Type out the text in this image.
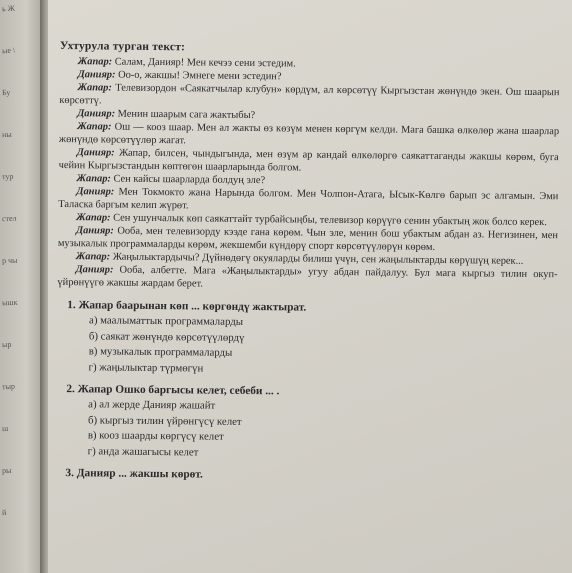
ь Ж
ые \
Бу
ны
тур
стел
р чы
ышк
ыр
тыр
ш
ры
й
Ухтурула турган текст:

Жапар: Салам, Данияр! Мен кечээ сени эстедим.

Данияр: Оо-о, жакшы! Эмнеге мени эстедин?

Жапар: Телевизордон «Саякатчылар клубун» көрдүм, ал көрсөтүү Кыргызстан жөнүндө экен. Ош шаарын көрсөттү.

Данияр: Менин шаарым сага жактыбы?

Жапар: Ош — кооз шаар. Мен ал жакты өз көзүм менен көргүм келди. Мага башка өлкөлөр жана шаарлар жөнүндө көрсөтүүлөр жагат.

Данияр: Жапар, билсен, чындыгында, мен өзүм ар кандай өлкөлөргө саякаттаганды жакшы көрөм, буга чейин Кыргызстандын көптөгөн шаарларында болгом.

Жапар: Сен кайсы шаарларда болдуң эле?

Данияр: Мен Токмокто жана Нарында болгом. Мен Чолпон-Атага, Ысык-Көлгө барып эс алгамын. Эми Таласка баргым келип жүрөт.

Жапар: Сен ушунчалык көп саякаттайт турбайсыңбы, телевизор көрүүгө сенин убактың жок болсо керек.

Данияр: Ооба, мен телевизорду кээде гана көрөм. Чын эле, менин бош убактым абдан аз. Негизинен, мен музыкалык программаларды көрөм, жекшемби күндөрү спорт көрсөтүүлөрүн көрөм.

Жапар: Жаңылыктардычы? Дүйнөдөгү окуяларды билиш үчүн, сен жаңылыктарды көрүшүң керек...

Данияр: Ооба, албетте. Мага «Жаңылыктарды» угуу абдан пайдалуу. Бул мага кыргыз тилин окуп-үйрөнүүгө жакшы жардам берет.

1. Жапар баарынан көп ... көргөндү жактырат.
а) маалыматтык программаларды
б) саякат жөнүндө көрсөтүүлөрдү
в) музыкалык программаларды
г) жаңылыктар түрмөгүн
2. Жапар Ошко баргысы келет, себеби ... .
а) ал жерде Данияр жашайт
б) кыргыз тилин үйрөнгүсү келет
в) кооз шаарды көргүсү келет
г) анда жашагысы келет
3. Данияр ... жакшы көрөт.
